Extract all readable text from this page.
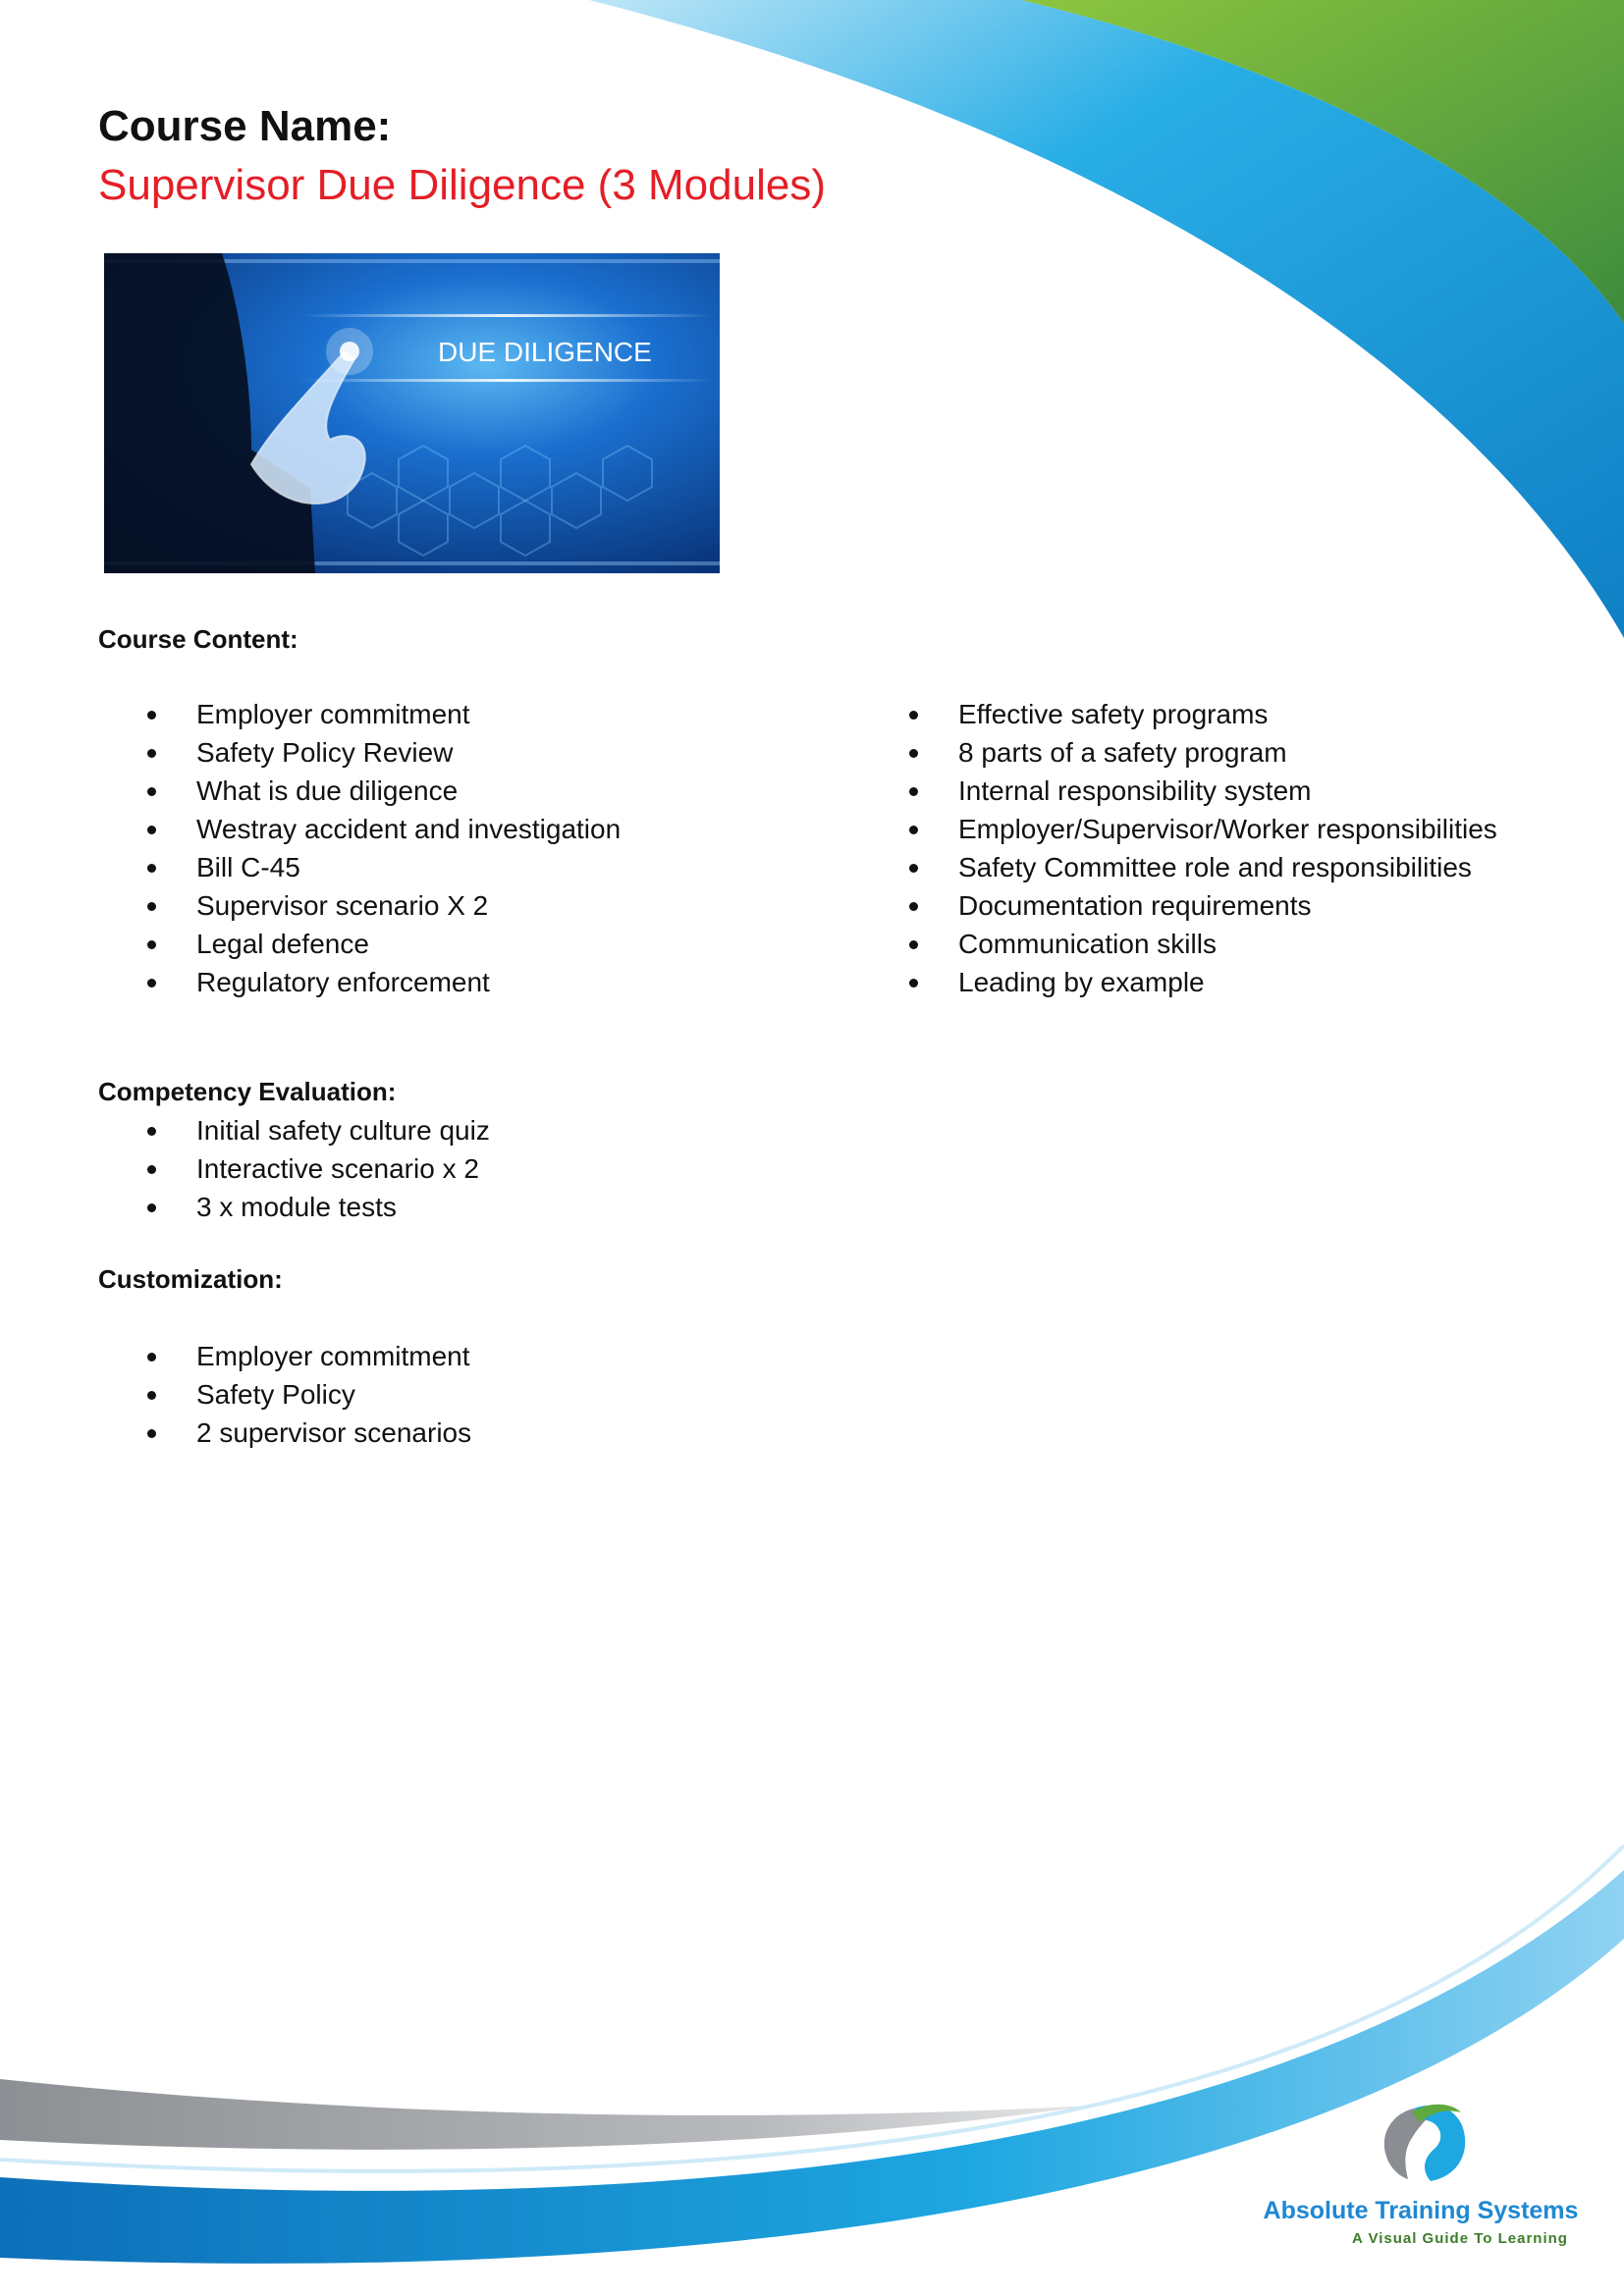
Course Name:
Supervisor Due Diligence (3 Modules)
DUE DILIGENCE
Course Content:
Employer commitment
Safety Policy Review
What is due diligence
Westray accident and investigation
Bill C-45
Supervisor scenario X 2
Legal defence
Regulatory enforcement
Effective safety programs
8 parts of a safety program
Internal responsibility system
Employer/Supervisor/Worker responsibilities
Safety Committee role and responsibilities
Documentation requirements
Communication skills
Leading by example
Competency Evaluation:
Initial safety culture quiz
Interactive scenario x 2
3 x module tests
Customization:
Employer commitment
Safety Policy
2 supervisor scenarios
Absolute Training Systems
A Visual Guide To Learning
